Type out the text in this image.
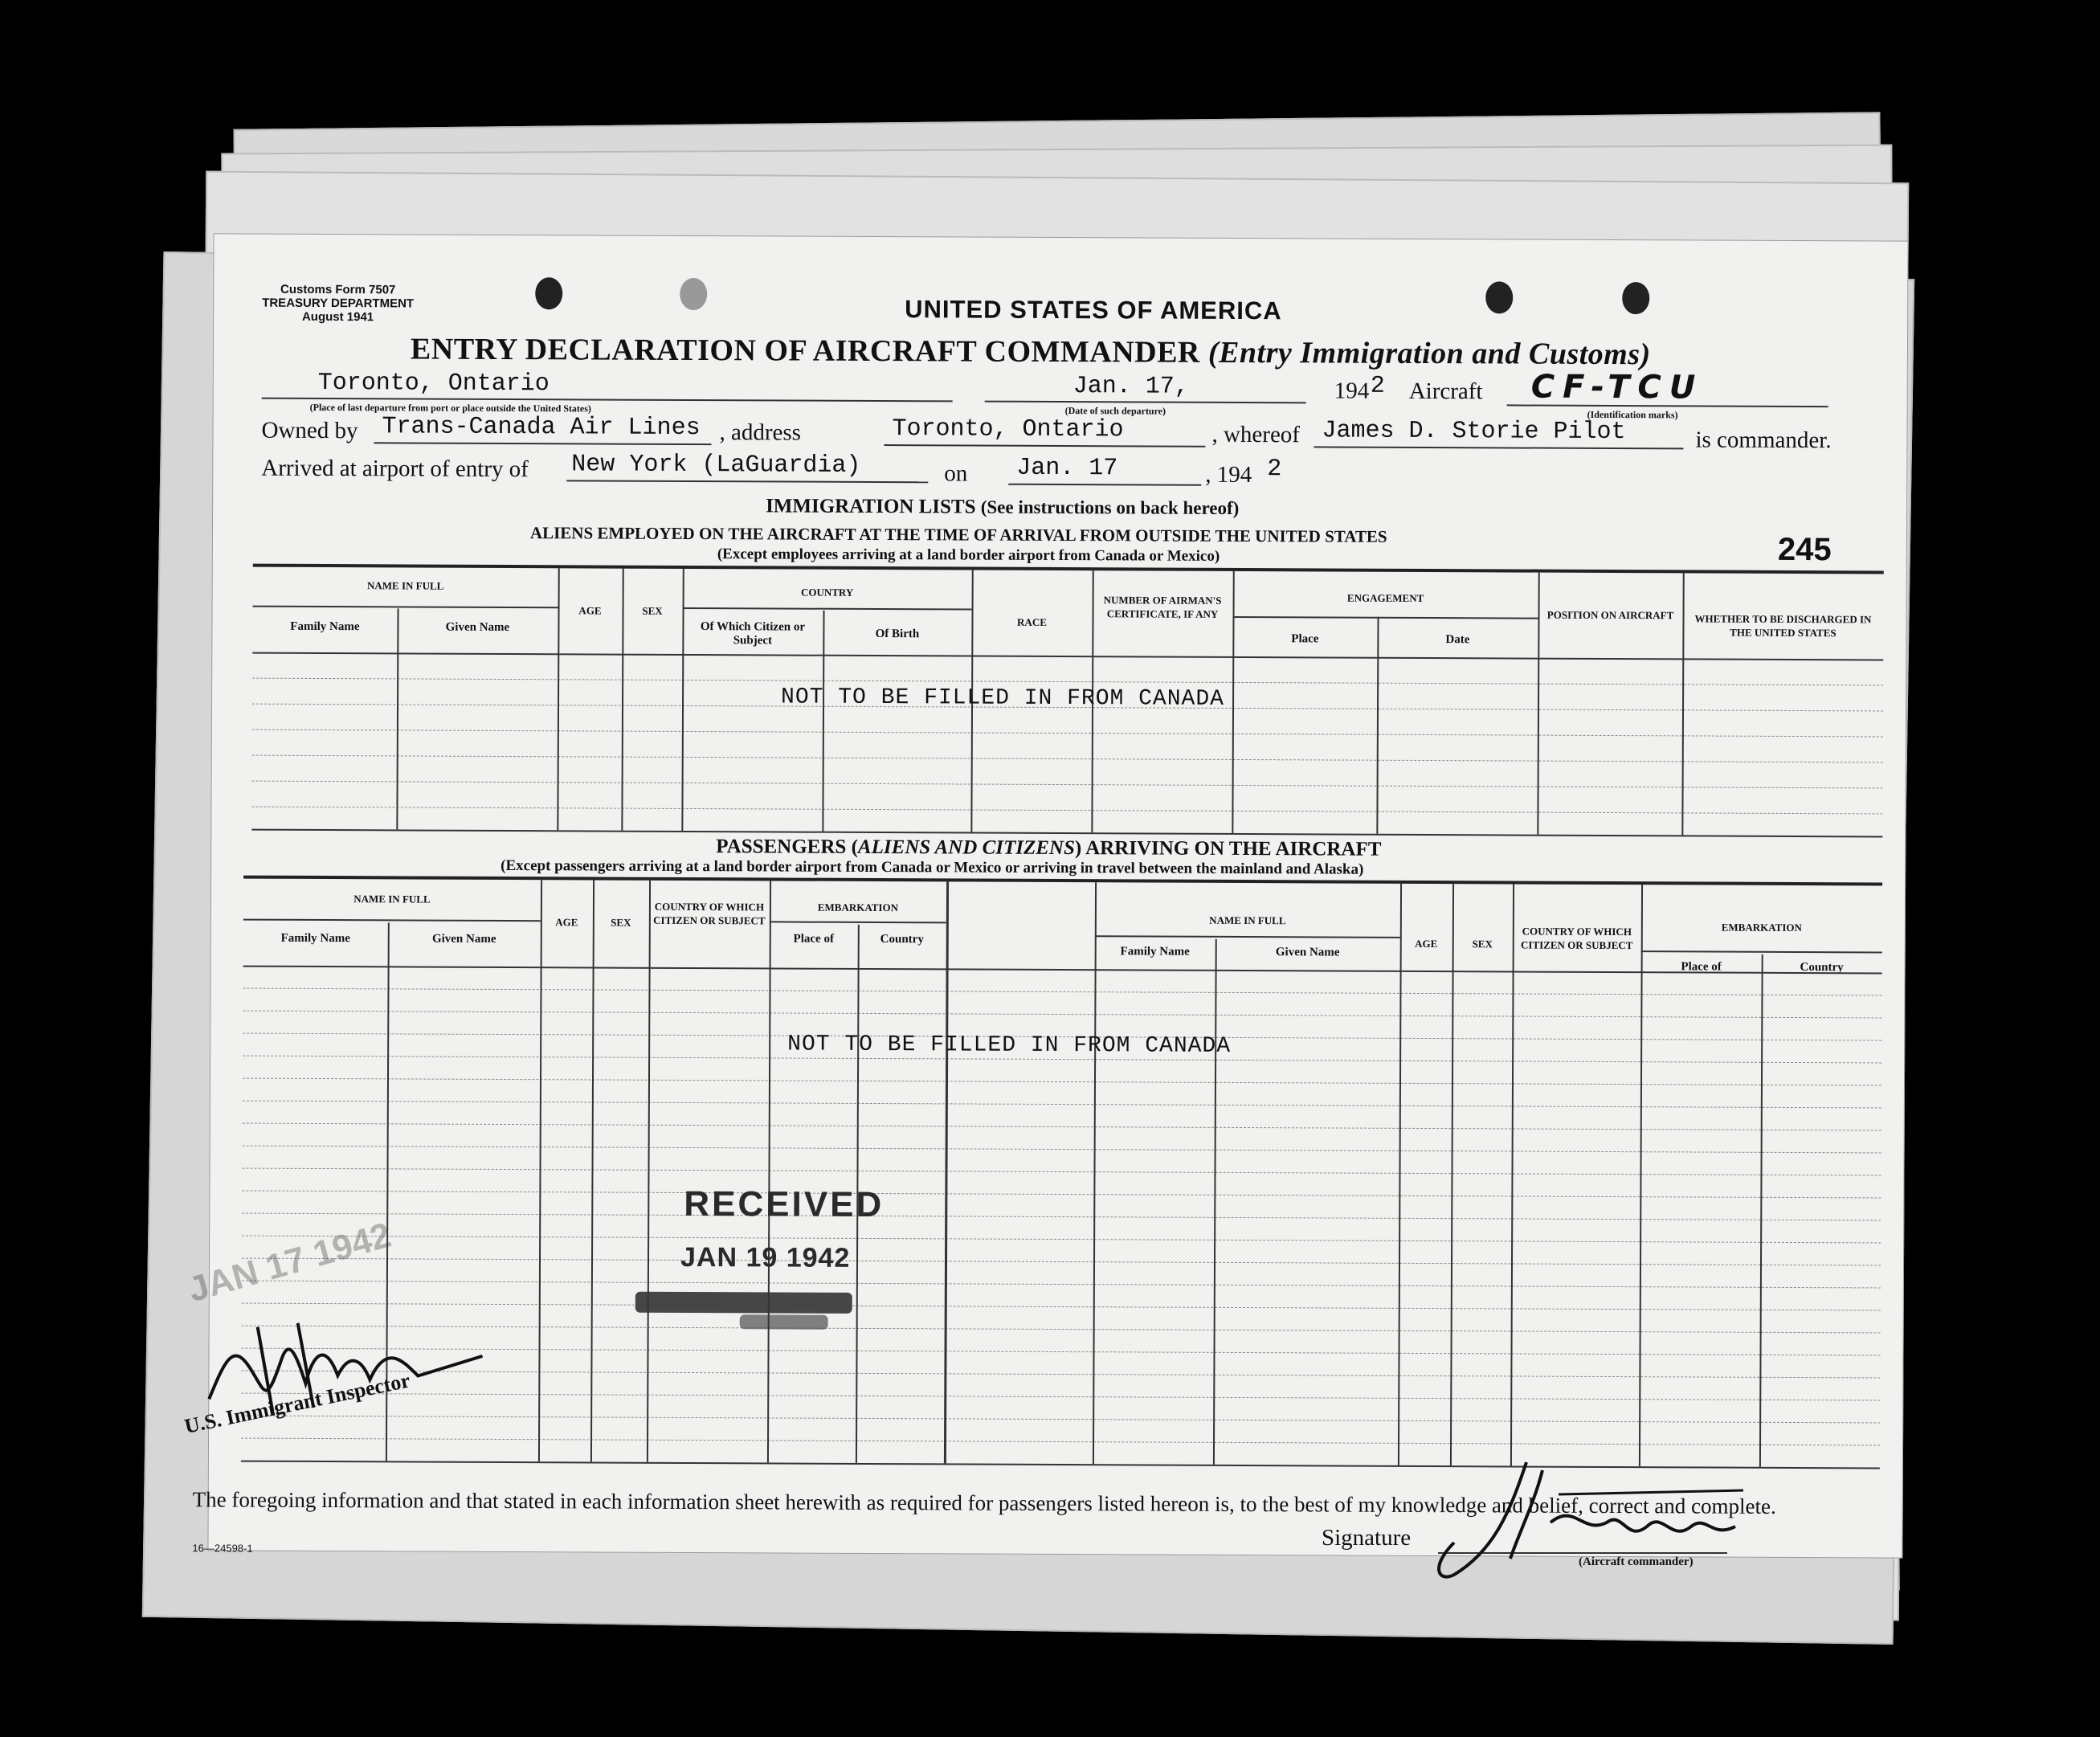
Customs Form 7507
TREASURY DEPARTMENT
August 1941	UNITED STATES OF AMERICA
ENTRY DECLARATION OF AIRCRAFT COMMANDER (Entry Immigration and Customs)
Toronto, Ontario
(Place of last departure from port or place outside the United States)
Jan. 17,	194 2
(Date of such departure)
Aircraft CF-TCU
(Identification marks)
Owned by Trans-Canada Air Lines , address	Toronto, Ontario	, whereof James D. Storie Pilot	is commander.
Arrived at airport of entry of New York (LaGuardia)	on Jan. 17	, 194 2
IMMIGRATION LISTS (See instructions on back hereof)
ALIENS EMPLOYED ON THE AIRCRAFT AT THE TIME OF ARRIVAL FROM OUTSIDE THE UNITED STATES
(Except employees arriving at a land border airport from Canada or Mexico)	245
NAME IN FULL
Family Name	Given Name
AGE	SEX
COUNTRY
Of Which Citizen or Subject
Of Birth
RACE
NUMBER OF AIRMAN'S CERTIFICATE, IF ANY
ENGAGEMENT
Place	Date
POSITION ON AIRCRAFT	WHETHER TO BE DISCHARGED IN THE UNITED STATES
NOT TO BE FILLED IN FROM CANADA
PASSENGERS (ALIENS AND CITIZENS) ARRIVING ON THE AIRCRAFT
(Except passengers arriving at a land border airport from Canada or Mexico or arriving in travel between the mainland and Alaska)
NAME IN FULL
Family Name	Given Name
AGE	SEX
COUNTRY OF WHICH CITIZEN OR SUBJECT
EMBARKATION
Place of	Country
NAME IN FULL
Family Name	Given Name
AGE	SEX
COUNTRY OF WHICH CITIZEN OR SUBJECT
EMBARKATION
Place of	Country
NOT TO BE FILLED IN FROM CANADA
RECEIVED
JAN 19 1942
JAN 17 1942
U.S. Immigrant Inspector
The foregoing information and that stated in each information sheet herewith as required for passengers listed hereon is, to the best of my knowledge and belief, correct and complete.
16—24598-1	Signature
(Aircraft commander)
